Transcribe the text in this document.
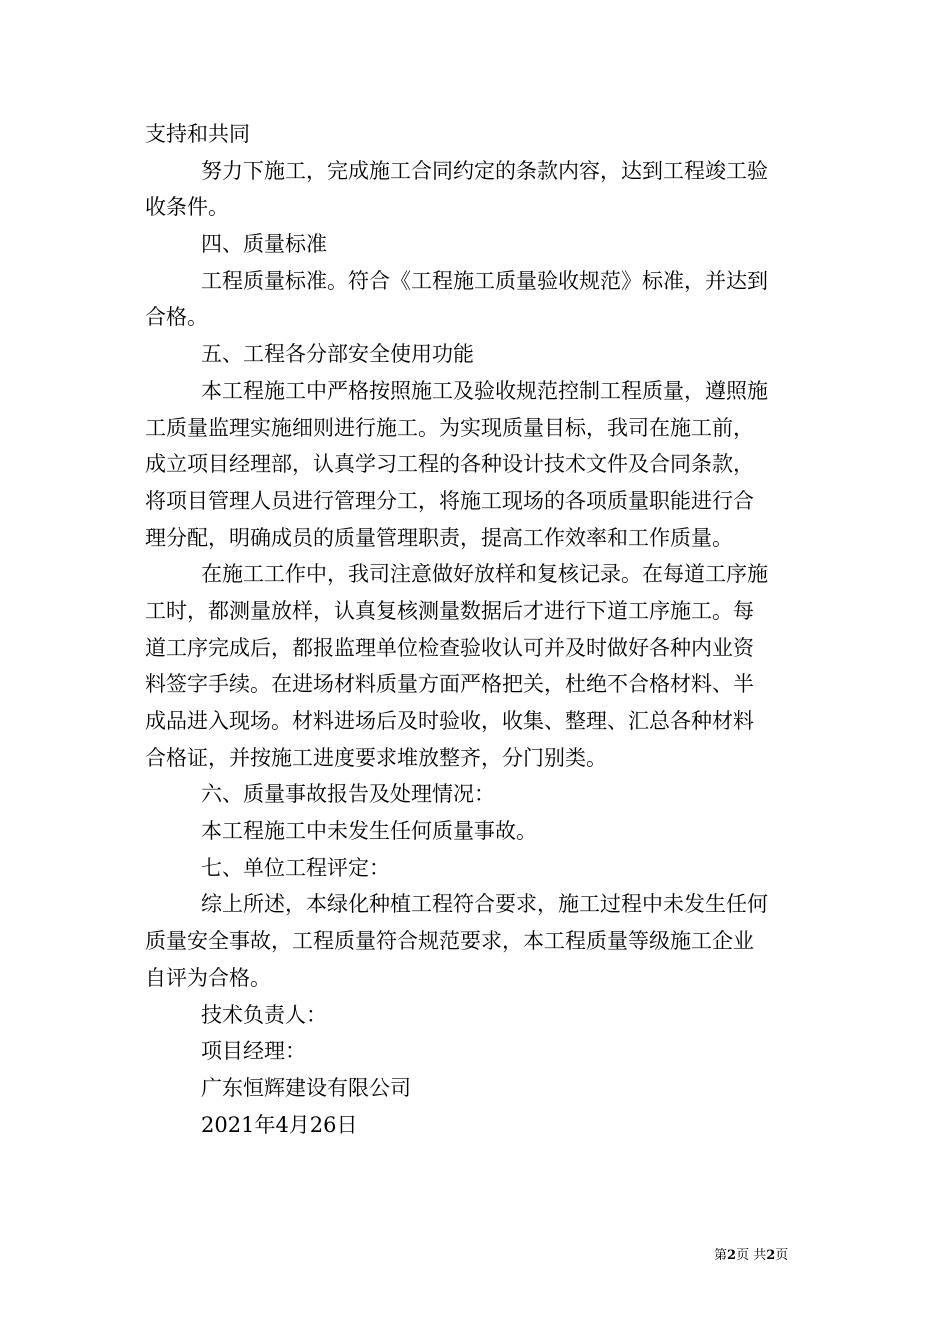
支持和共同
努力下施工，完成施工合同约定的条款内容，达到工程竣工验
收条件。
四、质量标准
工程质量标准。符合《工程施工质量验收规范》标准，并达到
合格。
五、工程各分部安全使用功能
本工程施工中严格按照施工及验收规范控制工程质量，遵照施
工质量监理实施细则进行施工。为实现质量目标，我司在施工前，
成立项目经理部，认真学习工程的各种设计技术文件及合同条款，
将项目管理人员进行管理分工，将施工现场的各项质量职能进行合
理分配，明确成员的质量管理职责，提高工作效率和工作质量。
在施工工作中，我司注意做好放样和复核记录。在每道工序施
工时，都测量放样，认真复核测量数据后才进行下道工序施工。每
道工序完成后，都报监理单位检查验收认可并及时做好各种内业资
料签字手续。在进场材料质量方面严格把关，杜绝不合格材料、半
成品进入现场。材料进场后及时验收，收集、整理、汇总各种材料
合格证，并按施工进度要求堆放整齐，分门别类。
六、质量事故报告及处理情况：
本工程施工中未发生任何质量事故。
七、单位工程评定：
综上所述，本绿化种植工程符合要求，施工过程中未发生任何
质量安全事故，工程质量符合规范要求，本工程质量等级施工企业
自评为合格。
技术负责人：
项目经理：
广东恒辉建设有限公司
2021年4月26日
第2页 共2页
